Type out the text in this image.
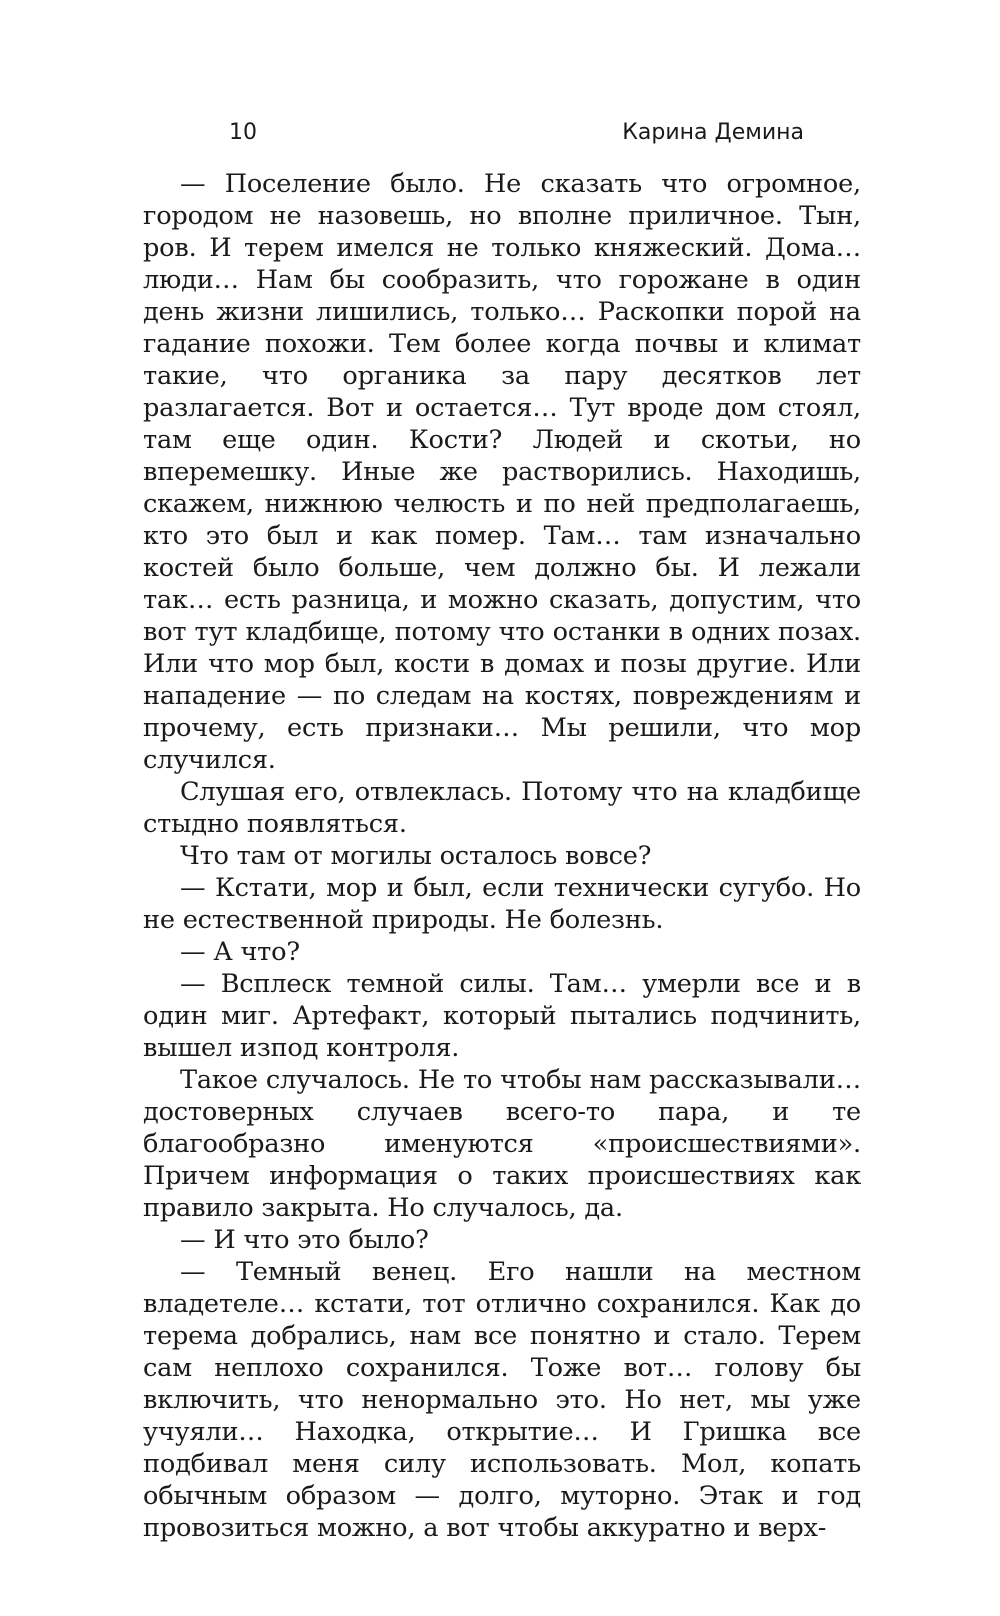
10	Карина Демина

— Поселение было. Не сказать что огромное, городом не назовешь, но вполне приличное. Тын, ров. И терем имелся не только княжеский. Дома… люди… Нам бы сообразить, что горожане в один день жизни лишились, только… Раскопки порой на гадание похожи. Тем более когда почвы и климат такие, что органика за пару десятков лет разлагается. Вот и остается… Тут вроде дом стоял, там еще один. Кости? Людей и скотьи, но вперемешку. Иные же растворились. Находишь, скажем, нижнюю челюсть и по ней предполагаешь, кто это был и как помер. Там… там изначально костей было больше, чем должно бы. И лежали так… есть разница, и можно сказать, допустим, что вот тут кладбище, потому что останки в одних позах. Или что мор был, кости в домах и позы другие. Или нападение — по следам на костях, повреждениям и прочему, есть признаки… Мы решили, что мор случился.

Слушая его, отвлеклась. Потому что на кладбище стыдно появляться.

Что там от могилы осталось вовсе?

— Кстати, мор и был, если технически сугубо. Но не естественной природы. Не болезнь.

— А что?

— Всплеск темной силы. Там… умерли все и в один миг. Артефакт, который пытались подчинить, вышел изпод контроля.

Такое случалось. Не то чтобы нам рассказывали… достоверных случаев всего-то пара, и те благообразно именуются «происшествиями». Причем информация о таких происшествиях как правило закрыта. Но случалось, да.

— И что это было?

— Темный венец. Его нашли на местном владетеле… кстати, тот отлично сохранился. Как до терема добрались, нам все понятно и стало. Терем сам неплохо сохранился. Тоже вот… голову бы включить, что ненормально это. Но нет, мы уже учуяли… Находка, открытие… И Гришка все подбивал меня силу использовать. Мол, копать обычным образом — долго, муторно. Этак и год провозиться можно, а вот чтобы аккуратно и верх-
